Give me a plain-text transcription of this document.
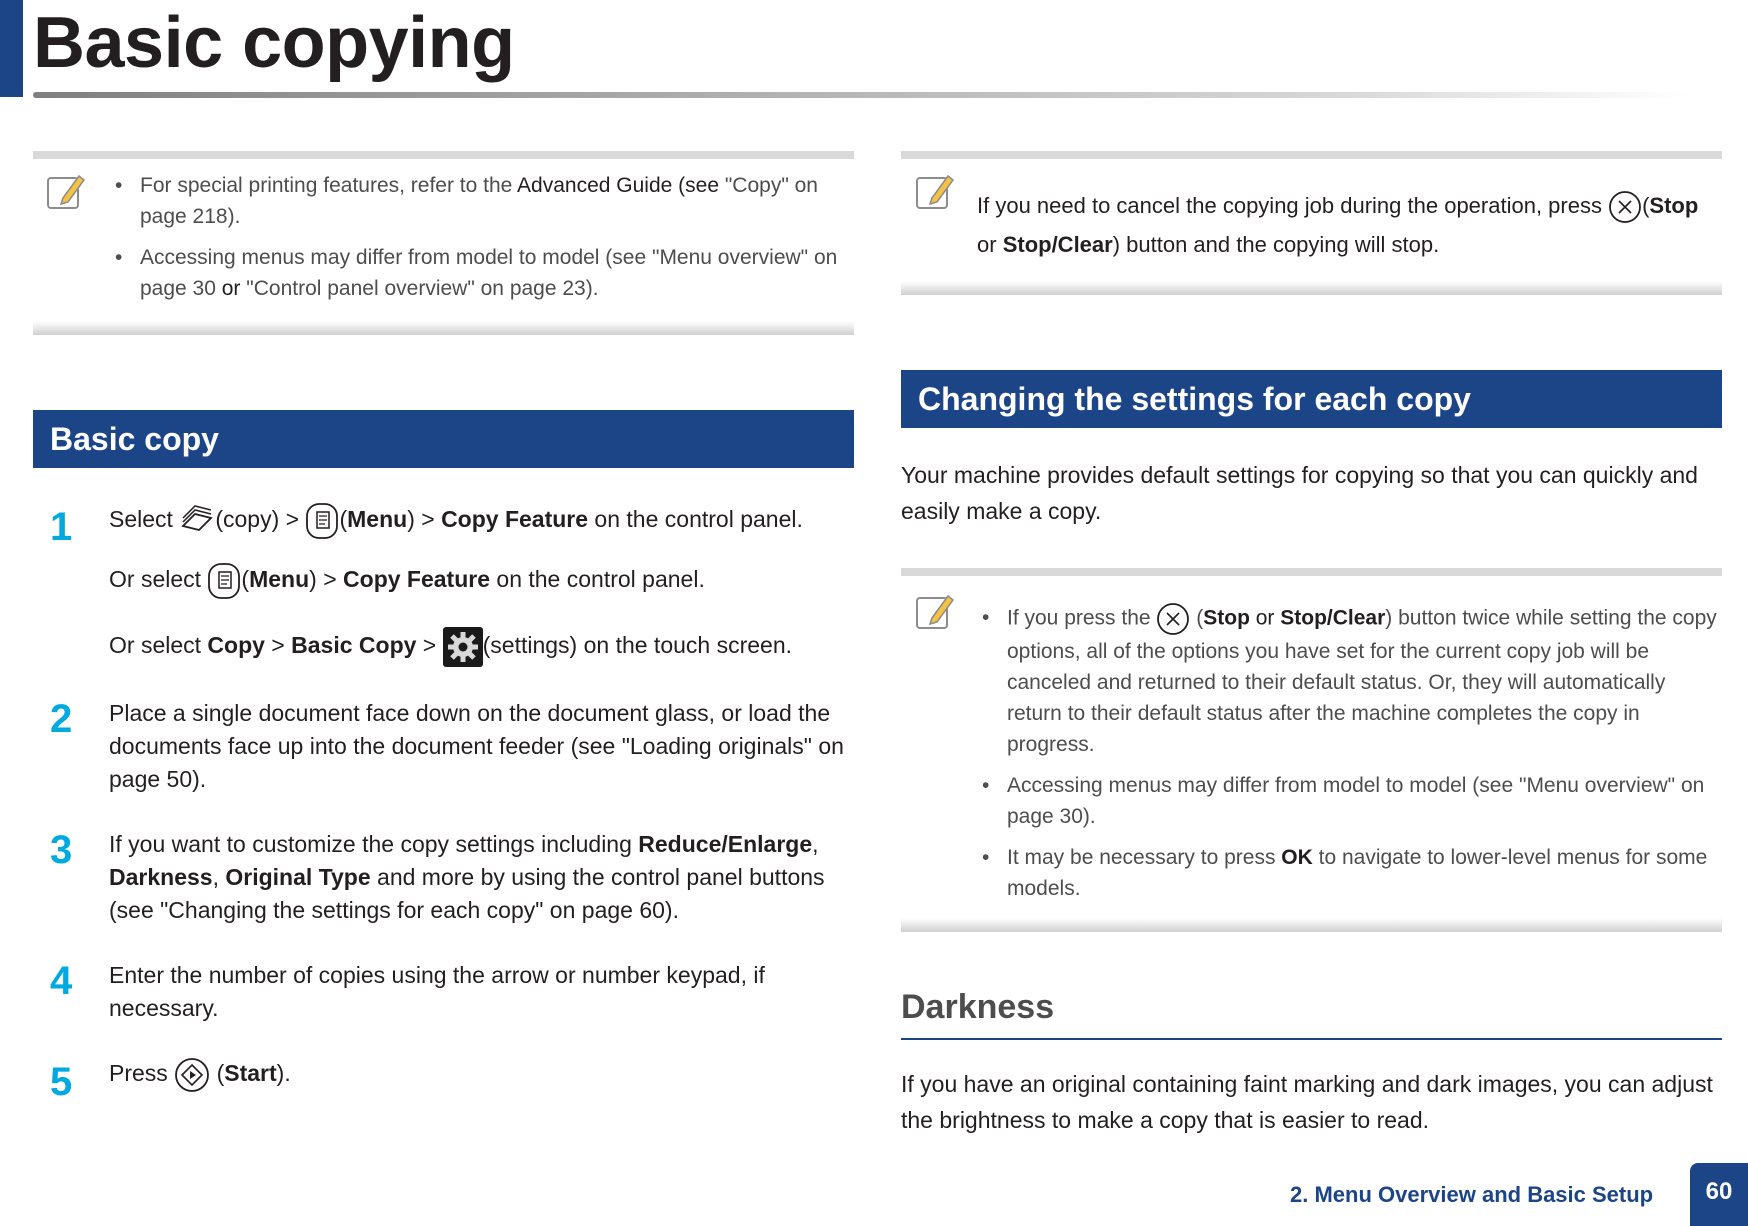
Basic copying
• For special printing features, refer to the Advanced Guide (see "Copy" on page 218).
• Accessing menus may differ from model to model (see "Menu overview" on page 30 or "Control panel overview" on page 23).
Basic copy
1 Select (copy) > (Menu) > Copy Feature on the control panel.
Or select (Menu) > Copy Feature on the control panel.
Or select Copy > Basic Copy > (settings) on the touch screen.
2 Place a single document face down on the document glass, or load the documents face up into the document feeder (see "Loading originals" on page 50).
3 If you want to customize the copy settings including Reduce/Enlarge, Darkness, Original Type and more by using the control panel buttons (see "Changing the settings for each copy" on page 60).
4 Enter the number of copies using the arrow or number keypad, if necessary.
5 Press  (Start).
If you need to cancel the copying job during the operation, press (Stop or Stop/Clear) button and the copying will stop.
Changing the settings for each copy
Your machine provides default settings for copying so that you can quickly and easily make a copy.
• If you press the  (Stop or Stop/Clear) button twice while setting the copy options, all of the options you have set for the current copy job will be canceled and returned to their default status. Or, they will automatically return to their default status after the machine completes the copy in progress.
• Accessing menus may differ from model to model (see "Menu overview" on page 30).
• It may be necessary to press OK to navigate to lower-level menus for some models.
Darkness
If you have an original containing faint marking and dark images, you can adjust the brightness to make a copy that is easier to read.
2. Menu Overview and Basic Setup	60
